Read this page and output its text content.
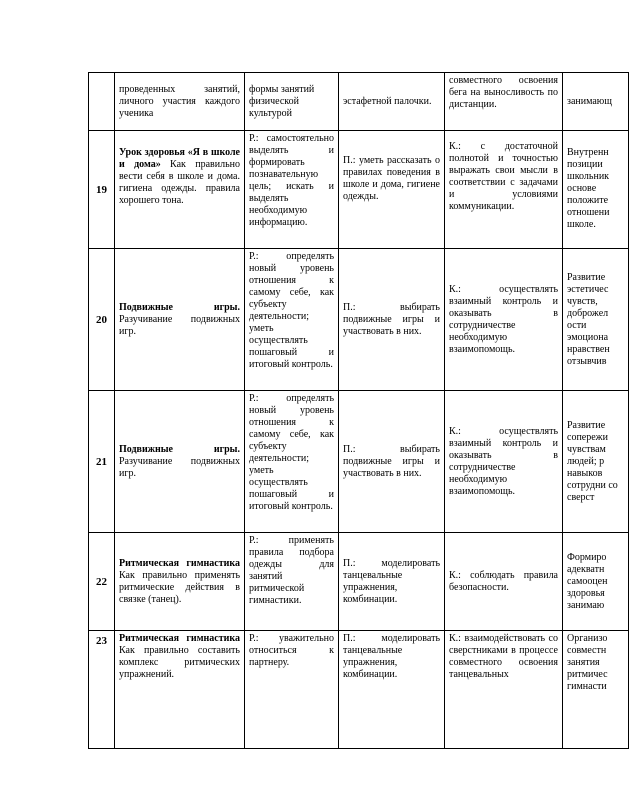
	проведенных занятий, личного участия каждого ученика	формы занятий физической культурой	эстафетной палочки.	совместного освоения бега на выносливость по дистанции.	занимающ
19	Урок здоровья «Я в школе и дома» Как правильно вести себя в школе и дома. гигиена одежды. правила хорошего тона.	Р.: самостоятельно выделять и формировать познавательную цель; искать и выделять необходимую информацию.	П.: уметь рассказать о правилах поведения в школе и дома, гигиене одежды.	К.: с достаточной полнотой и точностью выражать свои мысли в соответствии с задачами и условиями коммуникации.	Внутренн позиции школьник основе положите отношени школе.
20	Подвижные игры. Разучивание подвижных игр.	Р.: определять новый уровень отношения к самому себе, как субъекту деятельности; уметь осуществлять пошаговый и итоговый контроль.	П.: выбирать подвижные игры и участвовать в них.	К.: осуществлять взаимный контроль и оказывать в сотрудничестве необходимую взаимопомощь.	Развитие эстетичес чувств, доброжел ости эмоциона нравствен отзывчив
21	Подвижные игры. Разучивание подвижных игр.	Р.: определять новый уровень отношения к самому себе, как субъекту деятельности; уметь осуществлять пошаговый и итоговый контроль.	П.: выбирать подвижные игры и участвовать в них.	К.: осуществлять взаимный контроль и оказывать в сотрудничестве необходимую взаимопомощь.	Развитие сопережи чувствам людей; р навыков сотрудни со сверст
22	Ритмическая гимнастика Как правильно применять ритмические действия в связке (танец).	Р.: применять правила подбора одежды для занятий ритмической гимнастики.	П.: моделировать танцевальные упражнения, комбинации.	К.: соблюдать правила безопасности.	Формиро адекватн самооцен здоровья занимаю
23	Ритмическая гимнастика Как правильно составить комплекс ритмических упражнений.	Р.: уважительно относиться к партнеру.	П.: моделировать танцевальные упражнения, комбинации.	К.: взаимодействовать со сверстниками в процессе совместного освоения танцевальных	Организо совместн занятия ритмичес гимнасти
